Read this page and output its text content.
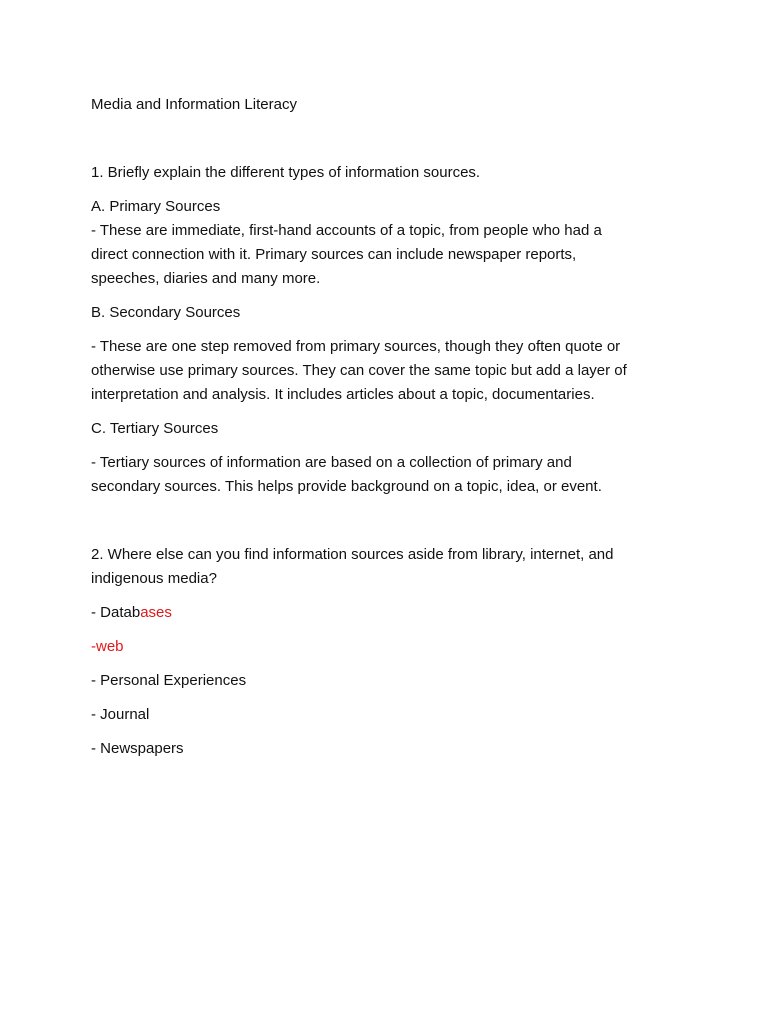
Media and Information Literacy
1. Briefly explain the different types of information sources.
A. Primary Sources
- These are immediate, first-hand accounts of a topic, from people who had a
direct connection with it. Primary sources can include newspaper reports,
speeches, diaries and many more.
B. Secondary Sources
- These are one step removed from primary sources, though they often quote or
otherwise use primary sources. They can cover the same topic but add a layer of
interpretation and analysis. It includes articles about a topic, documentaries.
C. Tertiary Sources
- Tertiary sources of information are based on a collection of primary and
secondary sources. This helps provide background on a topic, idea, or event.
2. Where else can you find information sources aside from library, internet, and
indigenous media?
- Databases
-web
- Personal Experiences
- Journal
- Newspapers
